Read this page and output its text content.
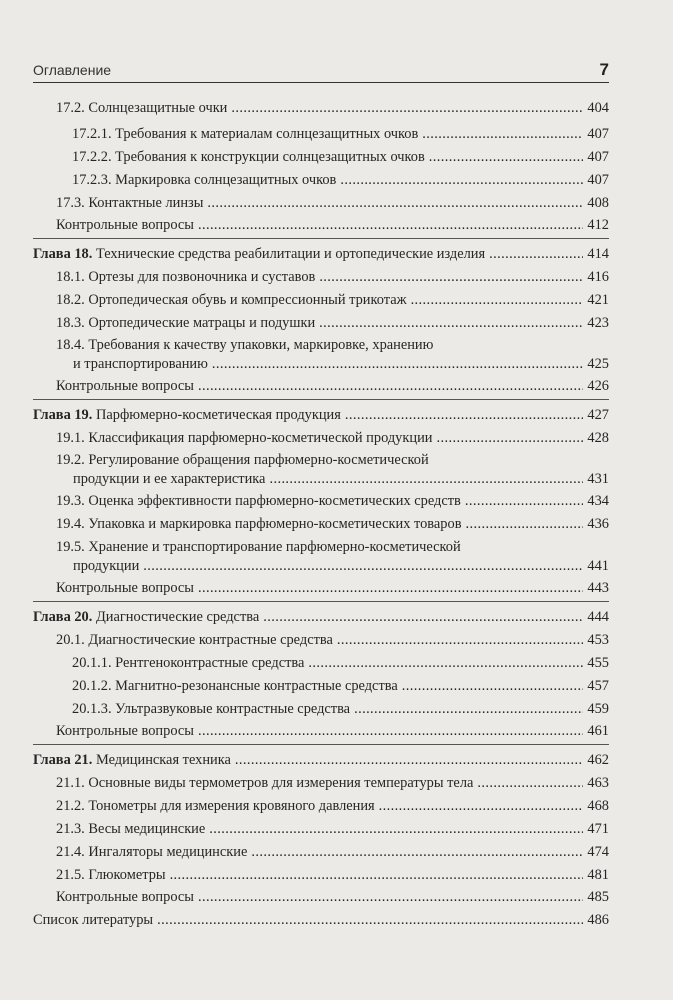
Оглавление	7
17.2. Солнцезащитные очки . . .	404
17.2.1. Требования к материалам солнцезащитных очков . . .	407
17.2.2. Требования к конструкции солнцезащитных очков . . .	407
17.2.3. Маркировка солнцезащитных очков . . .	407
17.3. Контактные линзы . . .	408
Контрольные вопросы . . .	412
Глава 18. Технические средства реабилитации и ортопедические изделия . . .	414
18.1. Ортезы для позвоночника и суставов . . .	416
18.2. Ортопедическая обувь и компрессионный трикотаж . . .	421
18.3. Ортопедические матрацы и подушки . . .	423
18.4. Требования к качеству упаковки, маркировке, хранению
и транспортированию . . .	425
Контрольные вопросы . . .	426
Глава 19. Парфюмерно-косметическая продукция . . .	427
19.1. Классификация парфюмерно-косметической продукции . . .	428
19.2. Регулирование обращения парфюмерно-косметической
продукции и ее характеристика . . .	431
19.3. Оценка эффективности парфюмерно-косметических средств . . .	434
19.4. Упаковка и маркировка парфюмерно-косметических товаров . . .	436
19.5. Хранение и транспортирование парфюмерно-косметической
продукции . . .	441
Контрольные вопросы . . .	443
Глава 20. Диагностические средства . . .	444
20.1. Диагностические контрастные средства . . .	453
20.1.1. Рентгеноконтрастные средства . . .	455
20.1.2. Магнитно-резонансные контрастные средства . . .	457
20.1.3. Ультразвуковые контрастные средства . . .	459
Контрольные вопросы . . .	461
Глава 21. Медицинская техника . . .	462
21.1. Основные виды термометров для измерения температуры тела . . .	463
21.2. Тонометры для измерения кровяного давления . . .	468
21.3. Весы медицинские . . .	471
21.4. Ингаляторы медицинские . . .	474
21.5. Глюкометры . . .	481
Контрольные вопросы . . .	485
Список литературы . . .	486
